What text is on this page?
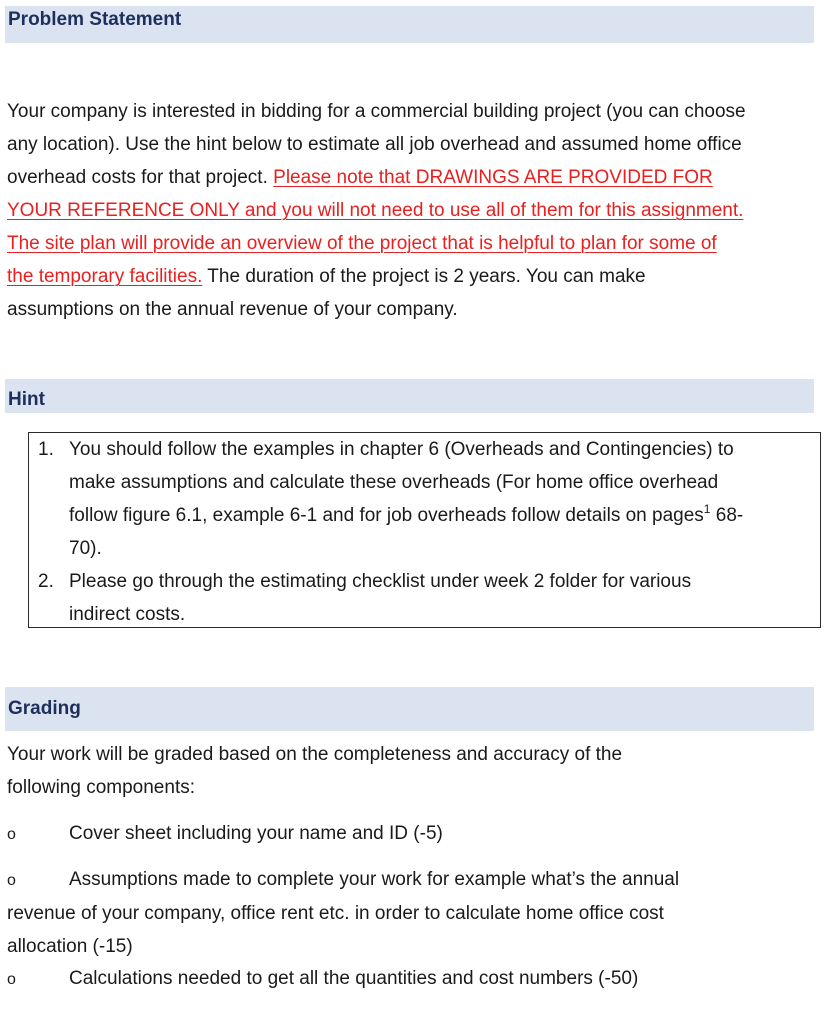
Problem Statement
Your company is interested in bidding for a commercial building project (you can choose
any location). Use the hint below to estimate all job overhead and assumed home office
overhead costs for that project. Please note that DRAWINGS ARE PROVIDED FOR
YOUR REFERENCE ONLY and you will not need to use all of them for this assignment.
The site plan will provide an overview of the project that is helpful to plan for some of
the temporary facilities. The duration of the project is 2 years. You can make
assumptions on the annual revenue of your company.
Hint
1. You should follow the examples in chapter 6 (Overheads and Contingencies) to
make assumptions and calculate these overheads (For home office overhead
follow figure 6.1, example 6-1 and for job overheads follow details on pages$^1$ 68-
70).
2. Please go through the estimating checklist under week 2 folder for various
indirect costs.
Grading
Your work will be graded based on the completeness and accuracy of the
following components:
o	Cover sheet including your name and ID (-5)
o	Assumptions made to complete your work for example what’s the annual
revenue of your company, office rent etc. in order to calculate home office cost
allocation (-15)
o	Calculations needed to get all the quantities and cost numbers (-50)
